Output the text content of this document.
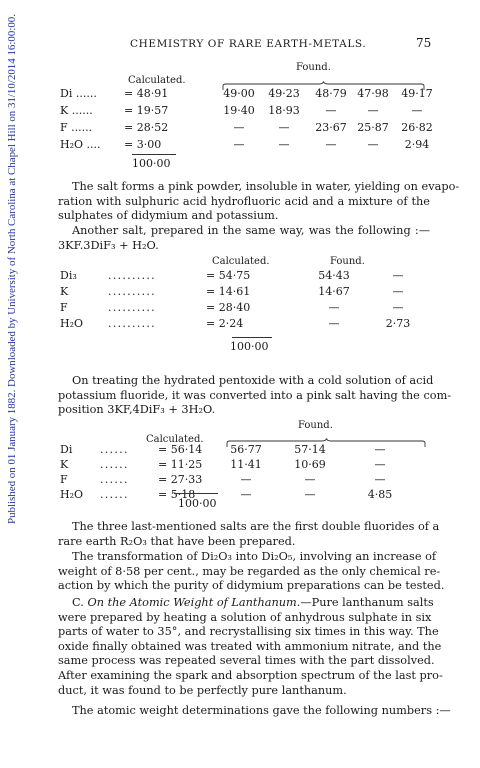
Published on 01 January 1882. Downloaded by University of North Carolina at Chapel Hill on 31/10/2014 16:00:00.	CHEMISTRY OF RARE EARTH-METALS.	75
Found.
Calculated.
Di ...... = 48·91	49·00 49·23 48·79 47·98 49·17
K ......	= 19·57	19·40 18·93	—	—	—
F ......	= 28·52	—	—	23·67 25·87 26·82
H₂O .... = 3·00	—	—	—	—	2·94
100·00
The salt forms a pink powder, insoluble in water, yielding on evapo-
ration with sulphuric acid hydrofluoric acid and a mixture of the
sulphates of didymium and potassium.
Another salt, prepared in the same way, was the following :—
3KF.3DiF₃ + H₂O.
Calculated.	Found.
Di₃	..........	= 54·75	54·43	—
K	..........	= 14·61	14·67	—
F	..........	= 28·40	—	—
H₂O ..........	= 2·24	—	2·73
100·00
On treating the hydrated pentoxide with a cold solution of acid
potassium fluoride, it was converted into a pink salt having the com-
position 3KF,4DiF₃ + 3H₂O.
Found.
Calculated.
Di	......	= 56·14	56·77	57·14	—
K	......	= 11·25	11·41	10·69	—
F	......	= 27·33	—	—	—
H₂O ......	= 5·18	—	—	4·85
100·00
The three last-mentioned salts are the first double fluorides of a
rare earth R₂O₃ that have been prepared.
The transformation of Di₂O₃ into Di₂O₅, involving an increase of
weight of 8·58 per cent., may be regarded as the only chemical re-
action by which the purity of didymium preparations can be tested.
C. On the Atomic Weight of Lanthanum.—Pure lanthanum salts
were prepared by heating a solution of anhydrous sulphate in six
parts of water to 35°, and recrystallising six times in this way. The
oxide finally obtained was treated with ammonium nitrate, and the
same process was repeated several times with the part dissolved.
After examining the spark and absorption spectrum of the last pro-
duct, it was found to be perfectly pure lanthanum.
The atomic weight determinations gave the following numbers :—
